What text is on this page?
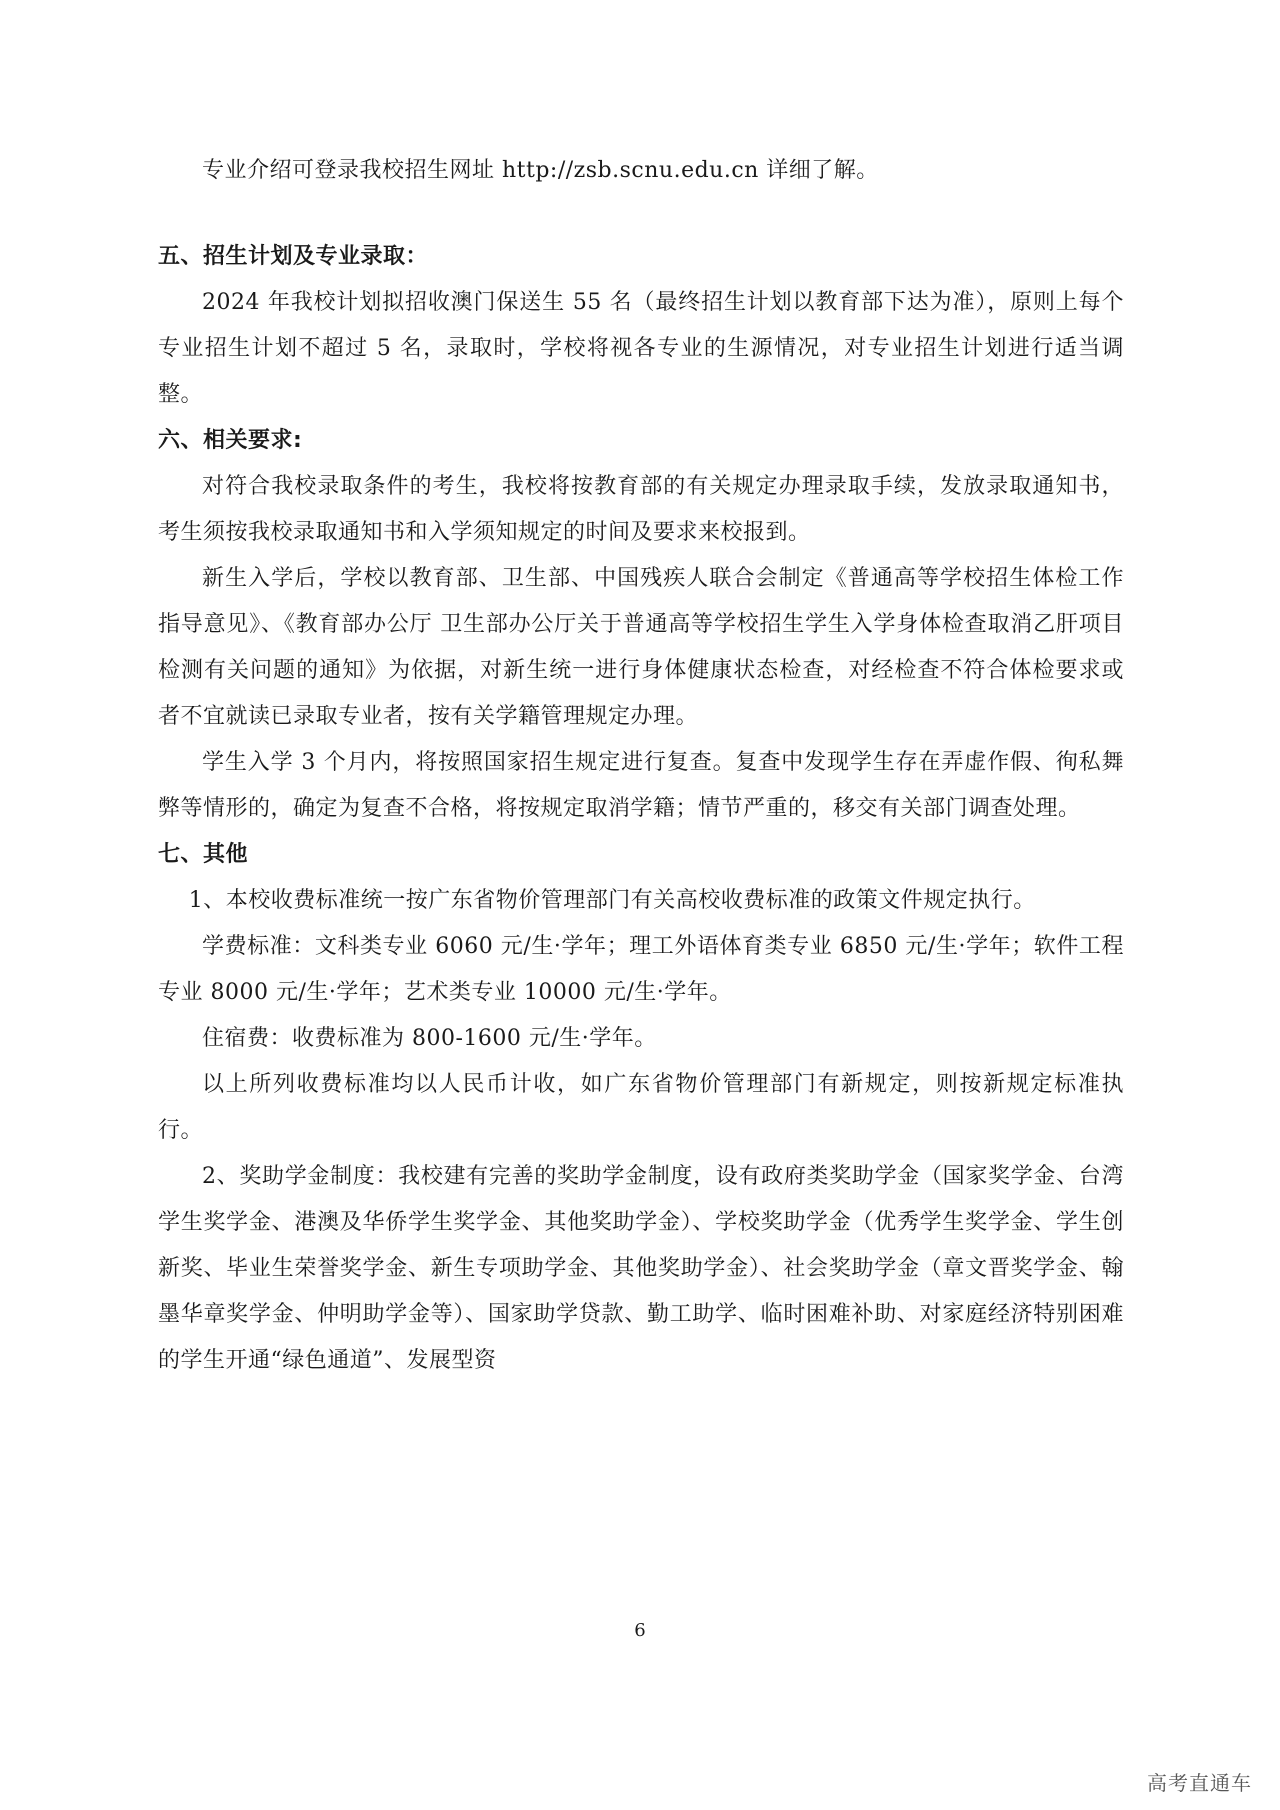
专业介绍可登录我校招生网址 http://zsb.scnu.edu.cn 详细了解。

五、招生计划及专业录取：

2024 年我校计划拟招收澳门保送生 55 名（最终招生计划以教育部下达为准），原则上每个专业招生计划不超过 5 名，录取时，学校将视各专业的生源情况，对专业招生计划进行适当调整。

六、相关要求:

对符合我校录取条件的考生，我校将按教育部的有关规定办理录取手续，发放录取通知书，考生须按我校录取通知书和入学须知规定的时间及要求来校报到。

新生入学后，学校以教育部、卫生部、中国残疾人联合会制定《普通高等学校招生体检工作指导意见》、《教育部办公厅 卫生部办公厅关于普通高等学校招生学生入学身体检查取消乙肝项目检测有关问题的通知》为依据，对新生统一进行身体健康状态检查，对经检查不符合体检要求或者不宜就读已录取专业者，按有关学籍管理规定办理。

学生入学 3 个月内，将按照国家招生规定进行复查。复查中发现学生存在弄虚作假、徇私舞弊等情形的，确定为复查不合格，将按规定取消学籍；情节严重的，移交有关部门调查处理。

七、其他

1、本校收费标准统一按广东省物价管理部门有关高校收费标准的政策文件规定执行。

学费标准：文科类专业 6060 元/生·学年；理工外语体育类专业 6850 元/生·学年；软件工程专业 8000 元/生·学年；艺术类专业 10000 元/生·学年。

住宿费：收费标准为 800-1600 元/生·学年。

以上所列收费标准均以人民币计收，如广东省物价管理部门有新规定，则按新规定标准执行。

2、奖助学金制度：我校建有完善的奖助学金制度，设有政府类奖助学金（国家奖学金、台湾学生奖学金、港澳及华侨学生奖学金、其他奖助学金）、学校奖助学金（优秀学生奖学金、学生创新奖、毕业生荣誉奖学金、新生专项助学金、其他奖助学金）、社会奖助学金（章文晋奖学金、翰墨华章奖学金、仲明助学金等）、国家助学贷款、勤工助学、临时困难补助、对家庭经济特别困难的学生开通“绿色通道”、发展型资

6
高考直通车
